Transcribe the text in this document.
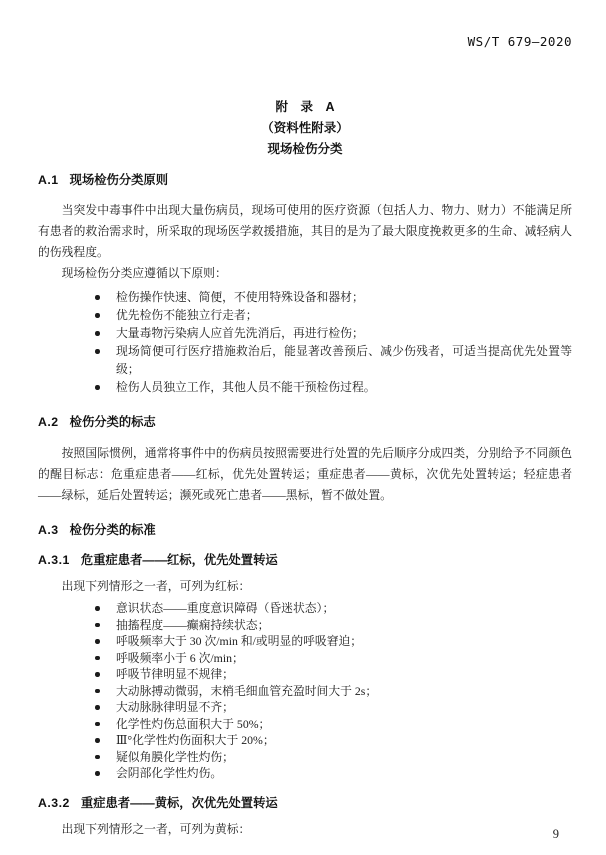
WS/T 679—2020
附　录　A
（资料性附录）
现场检伤分类
A.1 现场检伤分类原则

当突发中毒事件中出现大量伤病员，现场可使用的医疗资源（包括人力、物力、财力）不能满足所有患者的救治需求时，所采取的现场医学救援措施，其目的是为了最大限度挽救更多的生命、减轻病人的伤残程度。

现场检伤分类应遵循以下原则：

检伤操作快速、简便，不使用特殊设备和器材；
优先检伤不能独立行走者；
大量毒物污染病人应首先洗消后，再进行检伤；
现场简便可行医疗措施救治后，能显著改善预后、减少伤残者，可适当提高优先处置等级；
检伤人员独立工作，其他人员不能干预检伤过程。
A.2 检伤分类的标志

按照国际惯例，通常将事件中的伤病员按照需要进行处置的先后顺序分成四类，分别给予不同颜色的醒目标志：危重症患者——红标，优先处置转运；重症患者——黄标，次优先处置转运；轻症患者——绿标，延后处置转运；濒死或死亡患者——黑标，暂不做处置。

A.3 检伤分类的标准
A.3.1 危重症患者——红标，优先处置转运

出现下列情形之一者，可列为红标：

意识状态——重度意识障碍（昏迷状态）；
抽搐程度——癫痫持续状态；
呼吸频率大于 30 次/min 和/或明显的呼吸窘迫；
呼吸频率小于 6 次/min；
呼吸节律明显不规律；
大动脉搏动微弱，末梢毛细血管充盈时间大于 2s；
大动脉脉律明显不齐；
化学性灼伤总面积大于 50%；
Ⅲ°化学性灼伤面积大于 20%；
疑似角膜化学性灼伤；
会阴部化学性灼伤。
A.3.2 重症患者——黄标，次优先处置转运

出现下列情形之一者，可列为黄标：	9
